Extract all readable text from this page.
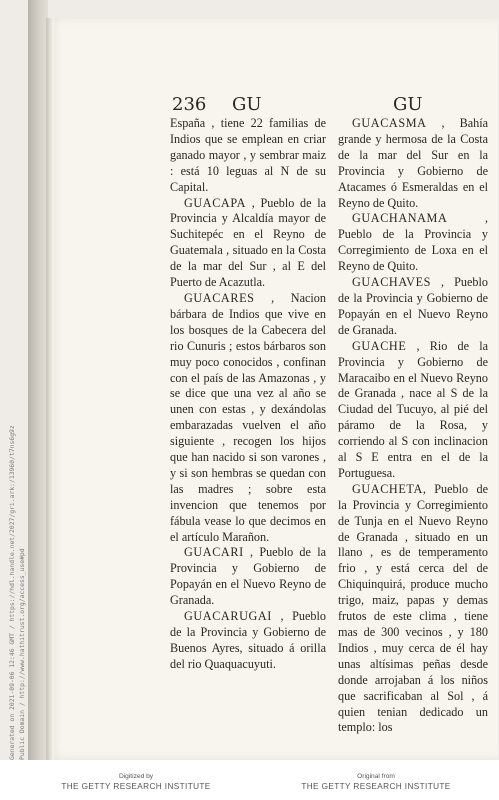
Generated on 2021-09-06 12:46 GMT / https://hdl.handle.net/2027/gri.ark:/13960/t7ns6g9z Public Domain / http://www.hathitrust.org/access_use#pd
236 GU	GU

España , tiene 22 familias de Indios que se emplean en criar ganado mayor , y sembrar maiz : está 10 leguas al N de su Capital.

GUACAPA , Pueblo de la Provincia y Alcaldía mayor de Suchitepéc en el Reyno de Guatemala , situado en la Costa de la mar del Sur , al E del Puerto de Acazutla.

GUACARES , Nacion bárbara de Indios que vive en los bosques de la Cabecera del rio Cunuris ; estos bárbaros son muy poco conocidos , confinan con el país de las Amazonas , y se dice que una vez al año se unen con estas , y dexándolas embarazadas vuelven el año siguiente , recogen los hijos que han nacido si son varones , y si son hembras se quedan con las madres ; sobre esta invencion que tenemos por fábula vease lo que decimos en el artículo Marañon.

GUACARI , Pueblo de la Provincia y Gobierno de Popayán en el Nuevo Reyno de Granada.

GUACARUGAI , Pueblo de la Provincia y Gobierno de Buenos Ayres, situado á orilla del rio Quaquacuyuti.

GUACASMA , Bahía grande y hermosa de la Costa de la mar del Sur en la Provincia y Gobierno de Atacames ó Esmeraldas en el Reyno de Quito.

GUACHANAMA , Pueblo de la Provincia y Corregimiento de Loxa en el Reyno de Quito.

GUACHAVES , Pueblo de la Provincia y Gobierno de Popayán en el Nuevo Reyno de Granada.

GUACHE , Rio de la Provincia y Gobierno de Maracaibo en el Nuevo Reyno de Granada , nace al S de la Ciudad del Tucuyo, al pié del páramo de la Rosa, y corriendo al S con inclinacion al S E entra en el de la Portuguesa.

GUACHETA, Pueblo de la Provincia y Corregimiento de Tunja en el Nuevo Reyno de Granada , situado en un llano , es de temperamento frio , y está cerca del de Chiquinquirá, produce mucho trigo, maiz, papas y demas frutos de este clima , tiene mas de 300 vecinos , y 180 Indios , muy cerca de él hay unas altísimas peñas desde donde arrojaban á los niños que sacrificaban al Sol , á quien tenian dedicado un templo: los

Digitized by
THE GETTY RESEARCH INSTITUTE
Original from
THE GETTY RESEARCH INSTITUTE
